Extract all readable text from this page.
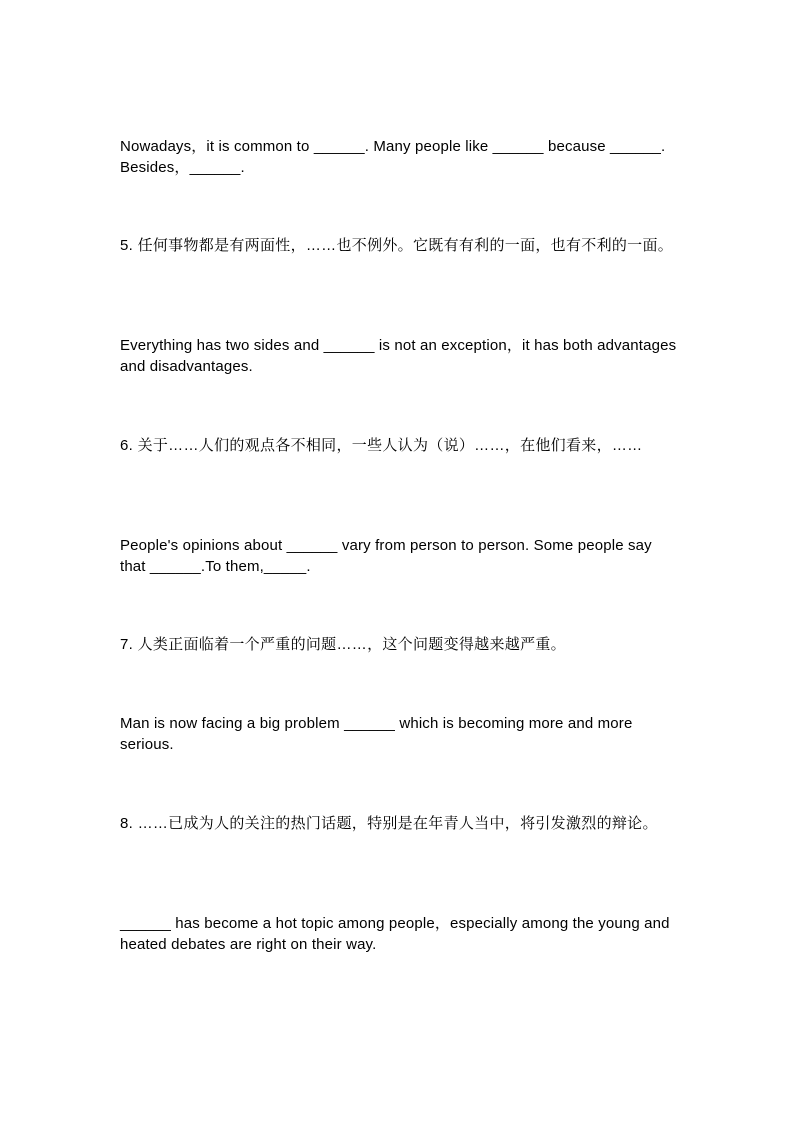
Nowadays，it is common to ______. Many people like ______ because ______. Besides，______.

5. 任何事物都是有两面性，……也不例外。它既有有利的一面，也有不利的一面。

Everything has two sides and ______ is not an exception，it has both advantages and disadvantages.

6. 关于……人们的观点各不相同，一些人认为（说）……，在他们看来，……

People's opinions about ______ vary from person to person. Some people say that ______.To them,_____.

7. 人类正面临着一个严重的问题……，这个问题变得越来越严重。

Man is now facing a big problem ______ which is becoming more and more serious.

8. ……已成为人的关注的热门话题，特别是在年青人当中，将引发激烈的辩论。

______ has become a hot topic among people，especially among the young and heated debates are right on their way.
